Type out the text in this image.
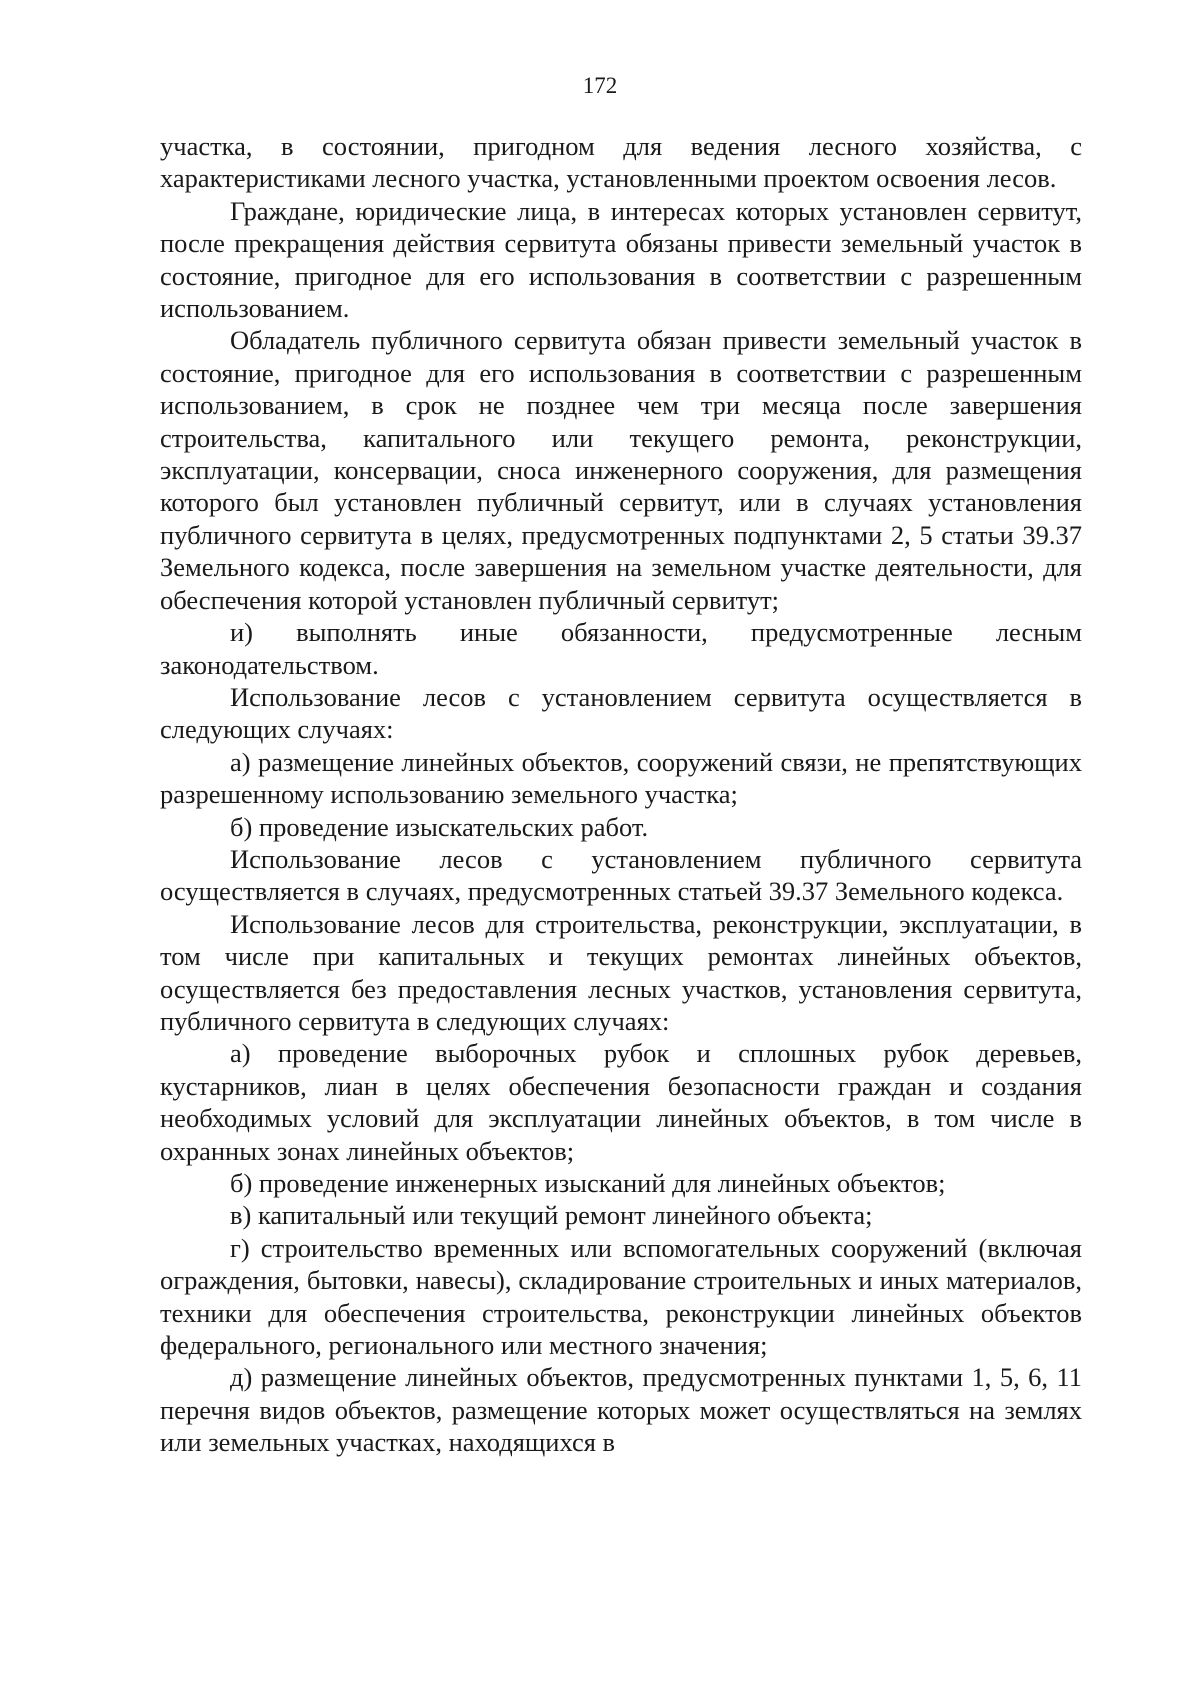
172

участка, в состоянии, пригодном для ведения лесного хозяйства, с характеристиками лесного участка, установленными проектом освоения лесов.

Граждане, юридические лица, в интересах которых установлен сервитут, после прекращения действия сервитута обязаны привести земельный участок в состояние, пригодное для его использования в соответствии с разрешенным использованием.

Обладатель публичного сервитута обязан привести земельный участок в состояние, пригодное для его использования в соответствии с разрешенным использованием, в срок не позднее чем три месяца после завершения строительства, капитального или текущего ремонта, реконструкции, эксплуатации, консервации, сноса инженерного сооружения, для размещения которого был установлен публичный сервитут, или в случаях установления публичного сервитута в целях, предусмотренных подпунктами 2, 5 статьи 39.37 Земельного кодекса, после завершения на земельном участке деятельности, для обеспечения которой установлен публичный сервитут;

и) выполнять иные обязанности, предусмотренные лесным законодательством.

Использование лесов с установлением сервитута осуществляется в следующих случаях:

а) размещение линейных объектов, сооружений связи, не препятствующих разрешенному использованию земельного участка;

б) проведение изыскательских работ.

Использование лесов с установлением публичного сервитута осуществляется в случаях, предусмотренных статьей 39.37 Земельного кодекса.

Использование лесов для строительства, реконструкции, эксплуатации, в том числе при капитальных и текущих ремонтах линейных объектов, осуществляется без предоставления лесных участков, установления сервитута, публичного сервитута в следующих случаях:

а) проведение выборочных рубок и сплошных рубок деревьев, кустарников, лиан в целях обеспечения безопасности граждан и создания необходимых условий для эксплуатации линейных объектов, в том числе в охранных зонах линейных объектов;

б) проведение инженерных изысканий для линейных объектов;

в) капитальный или текущий ремонт линейного объекта;

г) строительство временных или вспомогательных сооружений (включая ограждения, бытовки, навесы), складирование строительных и иных материалов, техники для обеспечения строительства, реконструкции линейных объектов федерального, регионального или местного значения;

д) размещение линейных объектов, предусмотренных пунктами 1, 5, 6, 11 перечня видов объектов, размещение которых может осуществляться на землях или земельных участках, находящихся в
